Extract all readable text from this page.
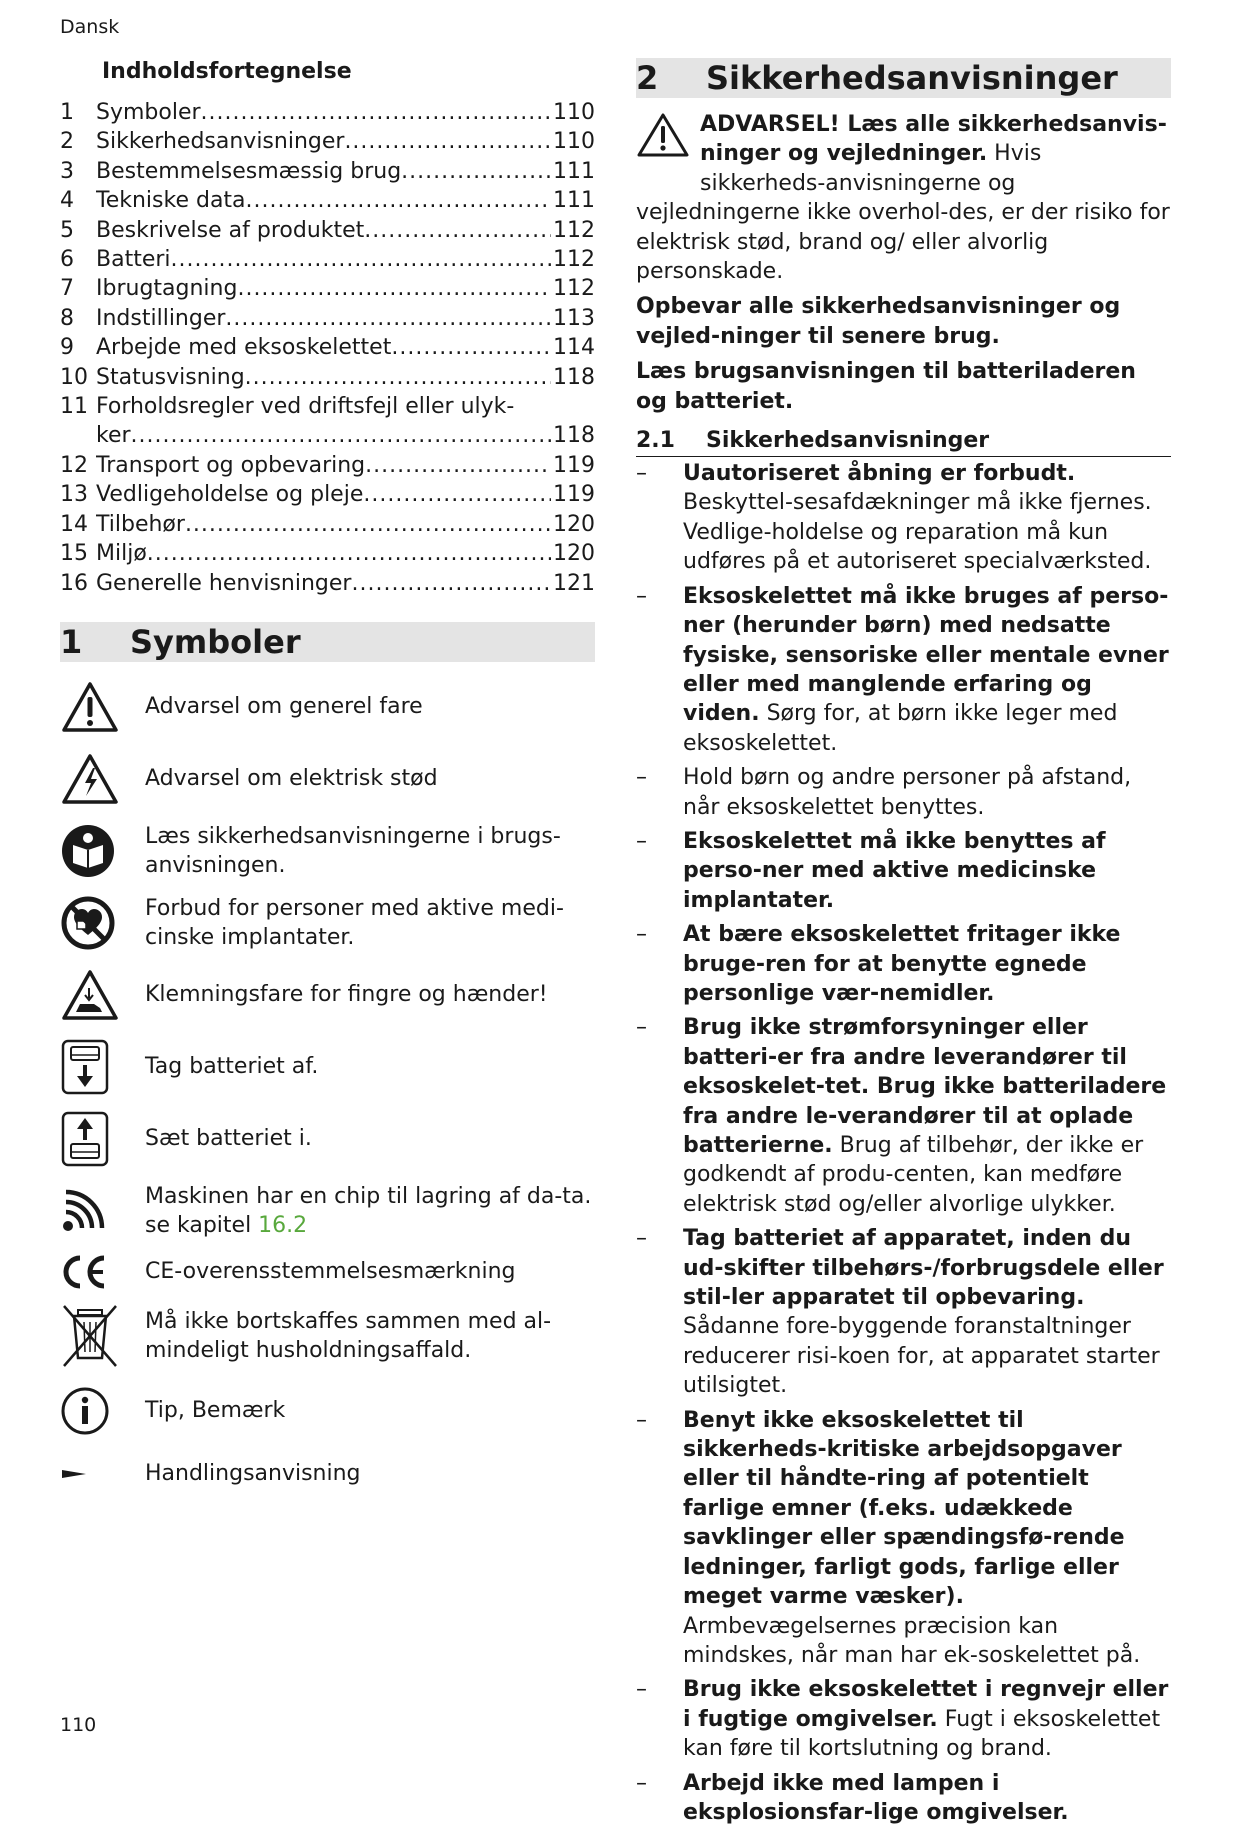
Dansk
Indholdsfortegnelse
1	Symboler .....	110
2	Sikkerhedsanvisninger .....	110
3	Bestemmelsesmæssig brug .....	111
4	Tekniske data .....	111
5	Beskrivelse af produktet .....	112
6	Batteri .....	112
7	Ibrugtagning .....	112
8	Indstillinger .....	113
9	Arbejde med eksoskelettet .....	114
10 Statusvisning .....	118
11 Forholdsregler ved driftsfejl eller ulyk-
ker .....	118
12 Transport og opbevaring .....	119
13 Vedligeholdelse og pleje .....	119
14 Tilbehør .....	120
15 Miljø .....	120
16 Generelle henvisninger .....	121
1	Symboler
Advarsel om generel fare
Advarsel om elektrisk stød
Læs sikkerhedsanvisningerne i brugs-anvisningen.
Forbud for personer med aktive medi-cinske implantater.
Klemningsfare for fingre og hænder!
Tag batteriet af.
Sæt batteriet i.
Maskinen har en chip til lagring af da-ta. se kapitel 16.2
CE-overensstemmelsesmærkning
Må ikke bortskaffes sammen med al-mindeligt husholdningsaffald.
Tip, Bemærk
Handlingsanvisning
2	Sikkerhedsanvisninger

ADVARSEL! Læs alle sikkerhedsanvis-ninger og vejledninger. Hvis sikkerheds-anvisningerne og vejledningerne ikke overhol-des, er der risiko for elektrisk stød, brand og/ eller alvorlig personskade.

Opbevar alle sikkerhedsanvisninger og vejled-ninger til senere brug.

Læs brugsanvisningen til batteriladeren og batteriet.

2.1	Sikkerhedsanvisninger
–	Uautoriseret åbning er forbudt. Beskyttel-sesafdækninger må ikke fjernes. Vedlige-holdelse og reparation må kun udføres på et autoriseret specialværksted.
–	Eksoskelettet må ikke bruges af perso-ner (herunder børn) med nedsatte fysiske, sensoriske eller mentale evner eller med manglende erfaring og viden. Sørg for, at børn ikke leger med eksoskelettet.
–	Hold børn og andre personer på afstand, når eksoskelettet benyttes.
–	Eksoskelettet må ikke benyttes af perso-ner med aktive medicinske implantater.
–	At bære eksoskelettet fritager ikke bruge-ren for at benytte egnede personlige vær-nemidler.
–	Brug ikke strømforsyninger eller batteri-er fra andre leverandører til eksoskelet-tet. Brug ikke batteriladere fra andre le-verandører til at oplade batterierne. Brug af tilbehør, der ikke er godkendt af produ-centen, kan medføre elektrisk stød og/eller alvorlige ulykker.
–	Tag batteriet af apparatet, inden du ud-skifter tilbehørs-/forbrugsdele eller stil-ler apparatet til opbevaring. Sådanne fore-byggende foranstaltninger reducerer risi-koen for, at apparatet starter utilsigtet.
–	Benyt ikke eksoskelettet til sikkerheds-kritiske arbejdsopgaver eller til håndte-ring af potentielt farlige emner (f.eks. udækkede savklinger eller spændingsfø-rende ledninger, farligt gods, farlige eller meget varme væsker). Armbevægelsernes præcision kan mindskes, når man har ek-soskelettet på.
–	Brug ikke eksoskelettet i regnvejr eller i fugtige omgivelser. Fugt i eksoskelettet kan føre til kortslutning og brand.
–	Arbejd ikke med lampen i eksplosionsfar-lige omgivelser.
110
